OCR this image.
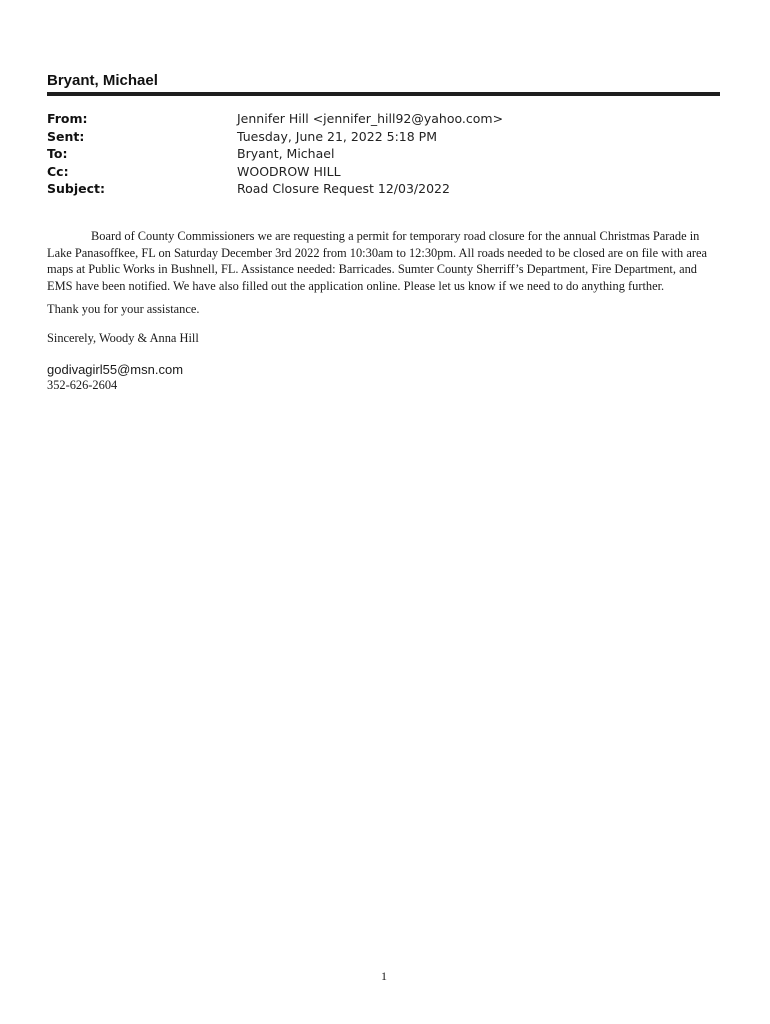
Bryant, Michael
From:	Jennifer Hill <jennifer_hill92@yahoo.com>
Sent:	Tuesday, June 21, 2022 5:18 PM
To:	Bryant, Michael
Cc:	WOODROW HILL
Subject:	Road Closure Request 12/03/2022

Board of County Commissioners we are requesting a permit for temporary road closure for the annual Christmas Parade in Lake Panasoffkee, FL on Saturday December 3rd 2022 from 10:30am to 12:30pm. All roads needed to be closed are on file with area maps at Public Works in Bushnell, FL. Assistance needed: Barricades. Sumter County Sherriff’s Department, Fire Department, and EMS have been notified. We have also filled out the application online. Please let us know if we need to do anything further.

Thank you for your assistance.
Sincerely, Woody & Anna Hill
godivagirl55@msn.com
352-626-2604
1
